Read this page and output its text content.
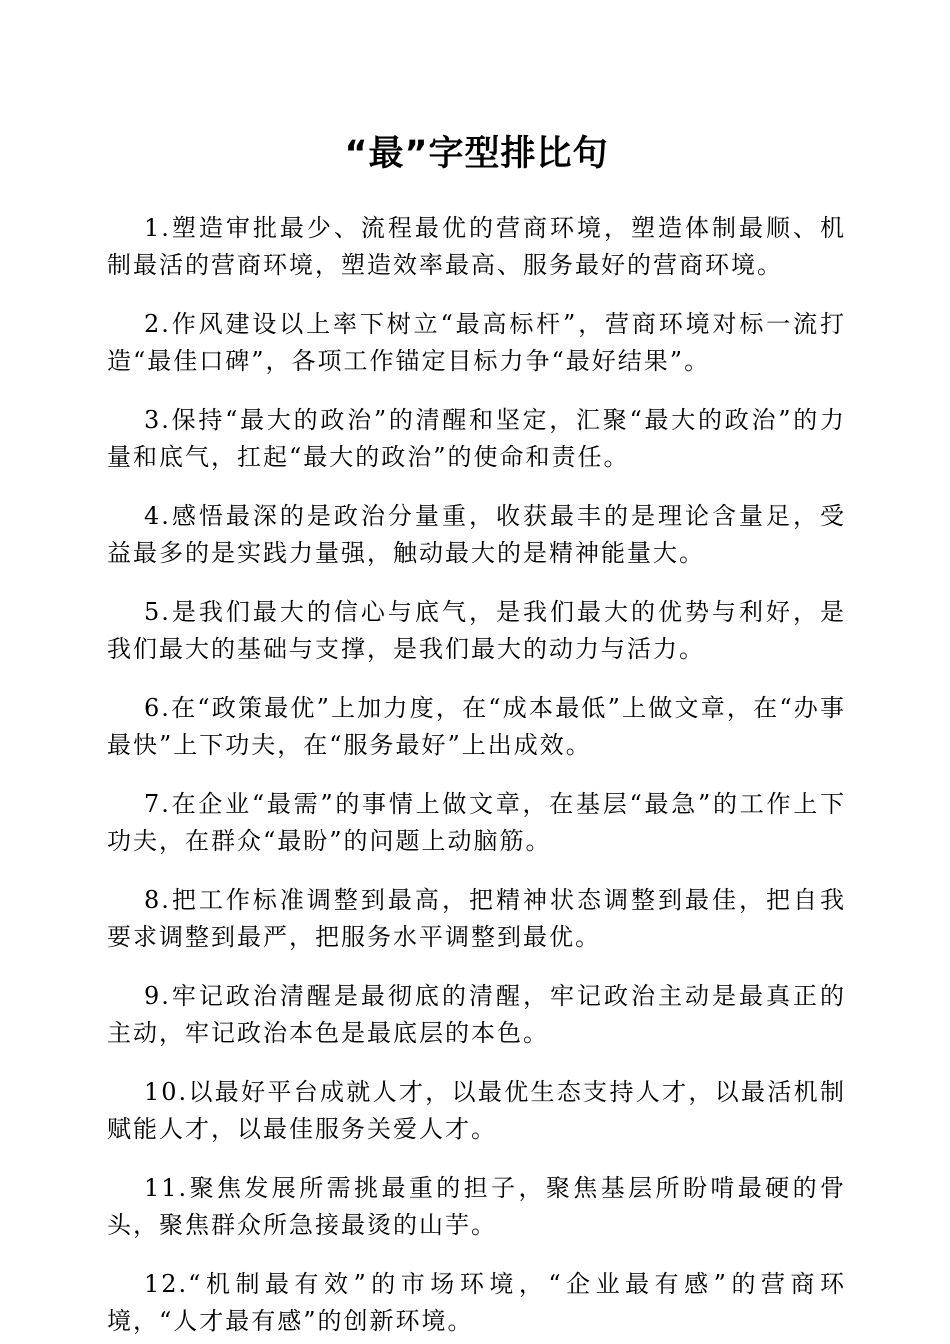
“最”字型排比句

1.塑造审批最少、流程最优的营商环境，塑造体制最顺、机制最活的营商环境，塑造效率最高、服务最好的营商环境。

2.作风建设以上率下树立“最高标杆”，营商环境对标一流打造“最佳口碑”，各项工作锚定目标力争“最好结果”。

3.保持“最大的政治”的清醒和坚定，汇聚“最大的政治”的力量和底气，扛起“最大的政治”的使命和责任。

4.感悟最深的是政治分量重，收获最丰的是理论含量足，受益最多的是实践力量强，触动最大的是精神能量大。

5.是我们最大的信心与底气，是我们最大的优势与利好，是我们最大的基础与支撑，是我们最大的动力与活力。

6.在“政策最优”上加力度，在“成本最低”上做文章，在“办事最快”上下功夫，在“服务最好”上出成效。

7.在企业“最需”的事情上做文章，在基层“最急”的工作上下功夫，在群众“最盼”的问题上动脑筋。

8.把工作标准调整到最高，把精神状态调整到最佳，把自我要求调整到最严，把服务水平调整到最优。

9.牢记政治清醒是最彻底的清醒，牢记政治主动是最真正的主动，牢记政治本色是最底层的本色。

10.以最好平台成就人才，以最优生态支持人才，以最活机制赋能人才，以最佳服务关爱人才。

11.聚焦发展所需挑最重的担子，聚焦基层所盼啃最硬的骨头，聚焦群众所急接最烫的山芋。

12.“机制最有效”的市场环境，“企业最有感”的营商环境，“人才最有感”的创新环境。
